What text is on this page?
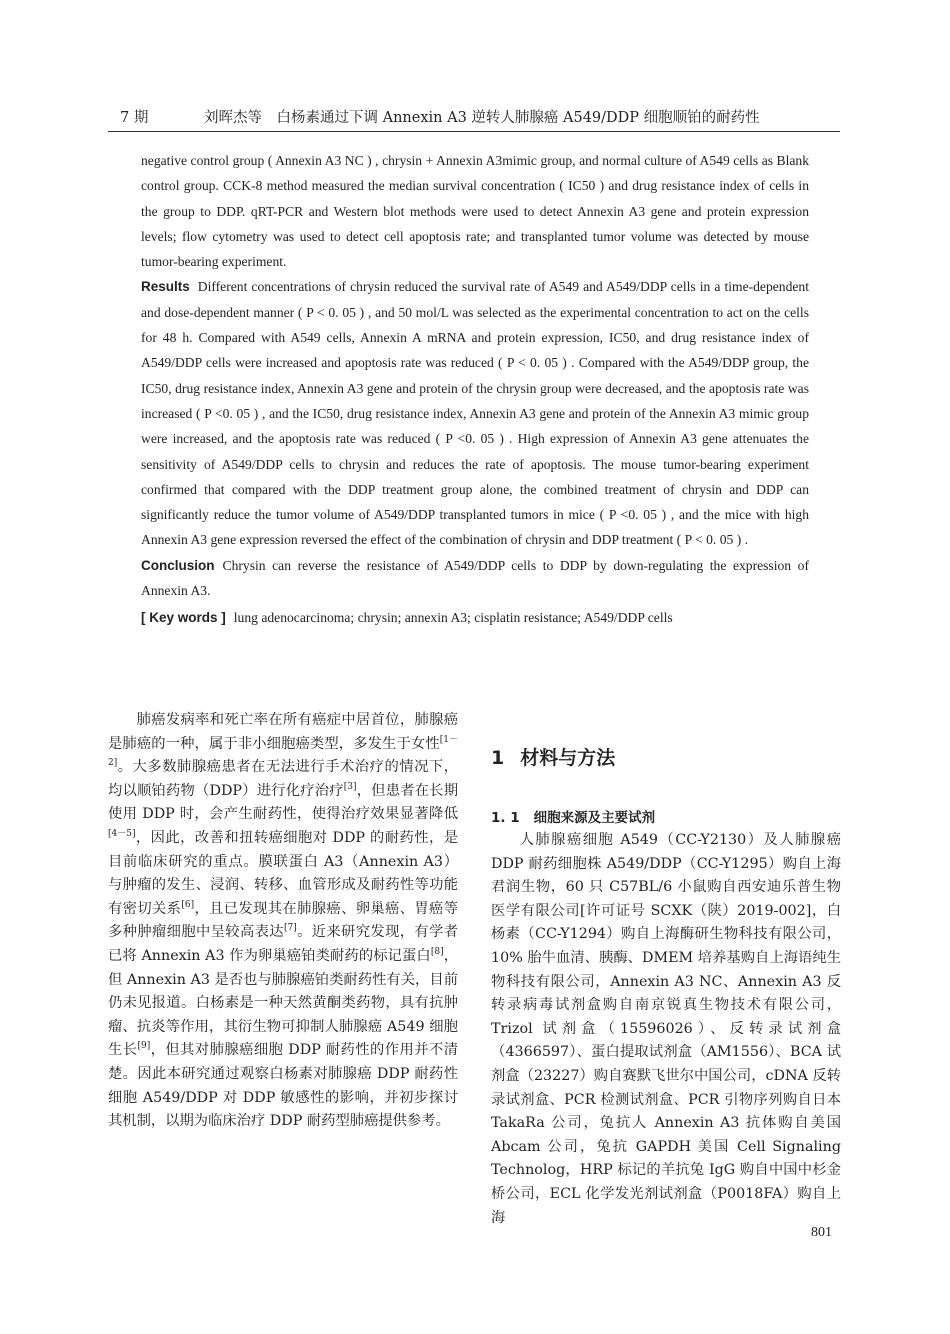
7 期	刘晖杰等　白杨素通过下调 Annexin A3 逆转人肺腺癌 A549/DDP 细胞顺铂的耐药性

negative control group ( Annexin A3 NC ) , chrysin + Annexin A3mimic group, and normal culture of A549 cells as Blank control group. CCK-8 method measured the median survival concentration ( IC50 ) and drug resistance index of cells in the group to DDP. qRT-PCR and Western blot methods were used to detect Annexin A3 gene and protein expression levels; flow cytometry was used to detect cell apoptosis rate; and transplanted tumor volume was detected by mouse tumor-bearing experiment.

Results Different concentrations of chrysin reduced the survival rate of A549 and A549/DDP cells in a time-dependent and dose-dependent manner ( P < 0. 05 ) , and 50 mol/L was selected as the experimental concentration to act on the cells for 48 h. Compared with A549 cells, Annexin A mRNA and protein expression, IC50, and drug resistance index of A549/DDP cells were increased and apoptosis rate was reduced ( P < 0. 05 ) . Compared with the A549/DDP group, the IC50, drug resistance index, Annexin A3 gene and protein of the chrysin group were decreased, and the apoptosis rate was increased ( P <0. 05 ) , and the IC50, drug resistance index, Annexin A3 gene and protein of the Annexin A3 mimic group were increased, and the apoptosis rate was reduced ( P <0. 05 ) . High expression of Annexin A3 gene attenuates the sensitivity of A549/DDP cells to chrysin and reduces the rate of apoptosis. The mouse tumor-bearing experiment confirmed that compared with the DDP treatment group alone, the combined treatment of chrysin and DDP can significantly reduce the tumor volume of A549/DDP transplanted tumors in mice ( P <0. 05 ) , and the mice with high Annexin A3 gene expression reversed the effect of the combination of chrysin and DDP treatment ( P < 0. 05 ) .

Conclusion Chrysin can reverse the resistance of A549/DDP cells to DDP by down-regulating the expression of Annexin A3.

[ Key words ] lung adenocarcinoma; chrysin; annexin A3; cisplatin resistance; A549/DDP cells

肺癌发病率和死亡率在所有癌症中居首位，肺腺癌是肺癌的一种，属于非小细胞癌类型，多发生于女性[1－2]。大多数肺腺癌患者在无法进行手术治疗的情况下，均以顺铂药物（DDP）进行化疗治疗[3]，但患者在长期使用 DDP 时，会产生耐药性，使得治疗效果显著降低[4－5]，因此，改善和扭转癌细胞对 DDP 的耐药性，是目前临床研究的重点。膜联蛋白 A3（Annexin A3）与肿瘤的发生、浸润、转移、血管形成及耐药性等功能有密切关系[6]，且已发现其在肺腺癌、卵巢癌、胃癌等多种肿瘤细胞中呈较高表达[7]。近来研究发现，有学者已将 Annexin A3 作为卵巢癌铂类耐药的标记蛋白[8]，但 Annexin A3 是否也与肺腺癌铂类耐药性有关，目前仍未见报道。白杨素是一种天然黄酮类药物，具有抗肿瘤、抗炎等作用，其衍生物可抑制人肺腺癌 A549 细胞生长[9]，但其对肺腺癌细胞 DDP 耐药性的作用并不清楚。因此本研究通过观察白杨素对肺腺癌 DDP 耐药性细胞 A549/DDP 对 DDP 敏感性的影响，并初步探讨其机制，以期为临床治疗 DDP 耐药型肺癌提供参考。

1 材料与方法
1. 1 细胞来源及主要试剂

人肺腺癌细胞 A549（CC-Y2130）及人肺腺癌 DDP 耐药细胞株 A549/DDP（CC-Y1295）购自上海君润生物，60 只 C57BL/6 小鼠购自西安迪乐普生物医学有限公司[许可证号 SCXK（陕）2019-002]，白杨素（CC-Y1294）购自上海酶研生物科技有限公司，10% 胎牛血清、胰酶、DMEM 培养基购自上海语纯生物科技有限公司，Annexin A3 NC、Annexin A3 反转录病毒试剂盒购自南京锐真生物技术有限公司，Trizol 试剂盒（15596026）、反转录试剂盒（4366597）、蛋白提取试剂盒（AM1556）、BCA 试剂盒（23227）购自赛默飞世尔中国公司，cDNA 反转录试剂盒、PCR 检测试剂盒、PCR 引物序列购自日本 TakaRa 公司，兔抗人 Annexin A3 抗体购自美国 Abcam 公司，兔抗 GAPDH 美国 Cell Signaling Technolog，HRP 标记的羊抗兔 IgG 购自中国中杉金桥公司，ECL 化学发光剂试剂盒（P0018FA）购自上海

801
